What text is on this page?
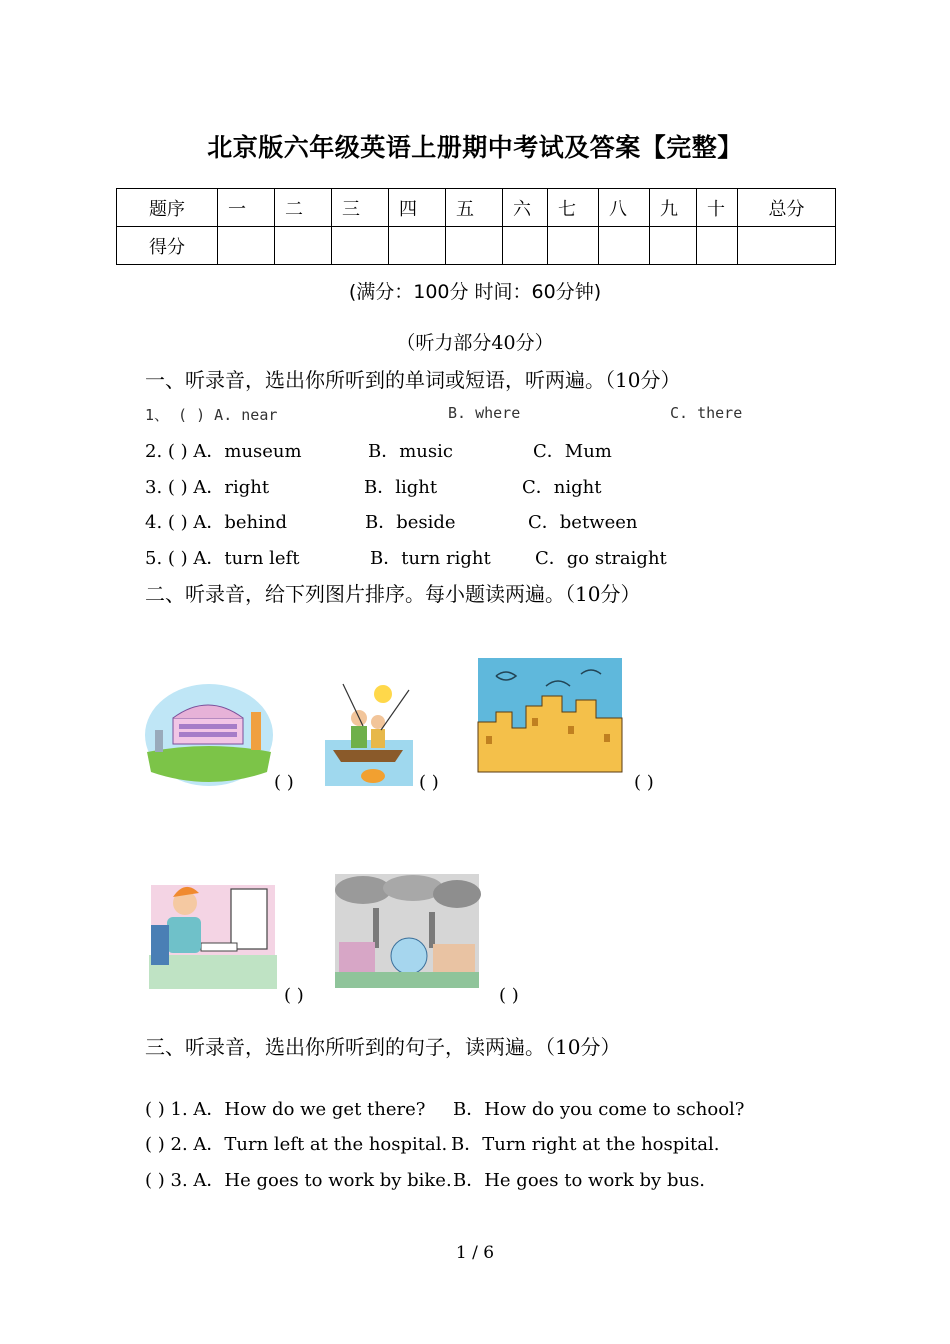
北京版六年级英语上册期中考试及答案【完整】
题序	一	二	三	四	五	六	七	八	九	十	总分
得分											
(满分：100分 时间：60分钟)
（听力部分40分）
一、听录音，选出你所听到的单词或短语，听两遍。（10分）
1、 ( ) A. near	B. where	C. there
2. ( ) A．museum	B．music	C．Mum
3. ( ) A．right	B．light	C．night
4. ( ) A．behind	B．beside	C．between
5. ( ) A．turn left	B．turn right C．go straight
二、听录音，给下列图片排序。每小题读两遍。（10分）
( )	( )	( )
( )	( )
三、听录音，选出你所听到的句子，读两遍。（10分）
( ) 1. A．How do we get there? B．How do you come to school?
( ) 2. A．Turn left at the hospital. B．Turn right at the hospital.
( ) 3. A．He goes to work by bike. B．He goes to work by bus.
1 / 6
